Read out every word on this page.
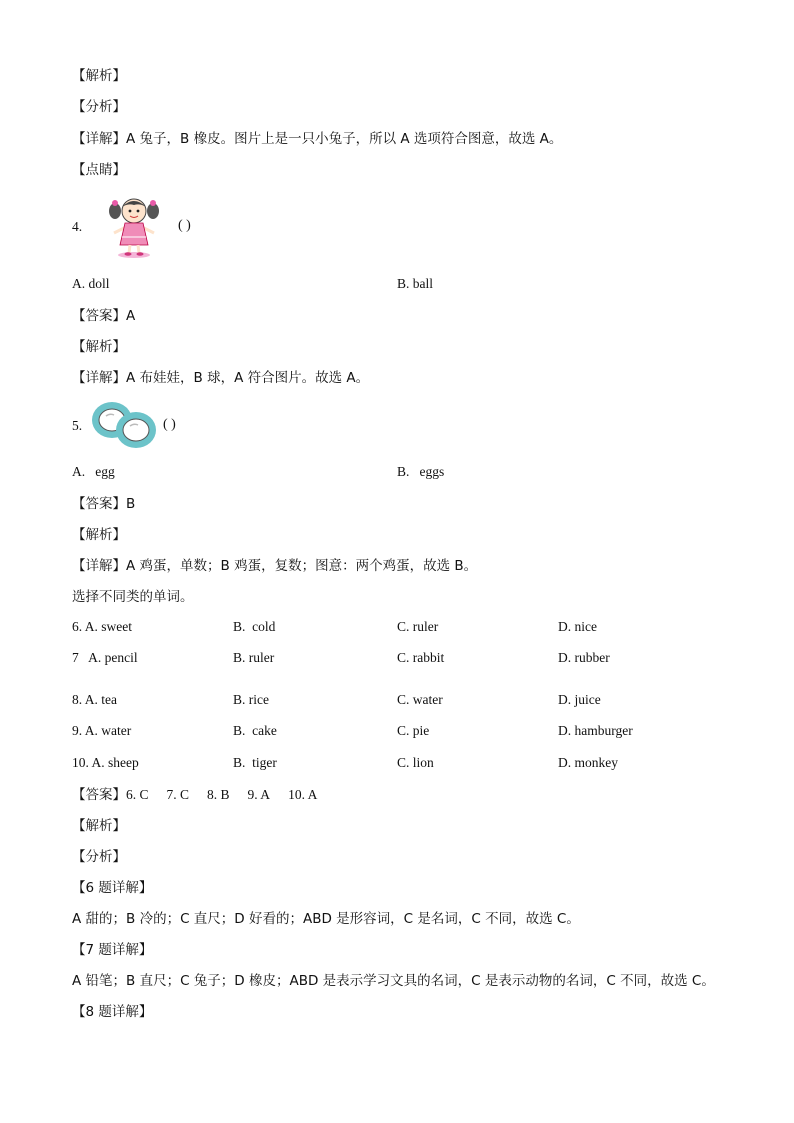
【解析】
【分析】
【详解】A 兔子，B 橡皮。图片上是一只小兔子，所以 A 选项符合图意，故选 A。
【点睛】
4.	( )
A. doll	B. ball
【答案】A
【解析】
【详解】A 布娃娃，B 球，A 符合图片。故选 A。
5.	( )
A.   egg	B.   eggs
【答案】B
【解析】
【详解】A 鸡蛋，单数；B 鸡蛋，复数；图意：两个鸡蛋，故选 B。
选择不同类的单词。
6. A. sweet	B.  cold	C. ruler	D. nice
7   A. pencil	B. ruler	C. rabbit	D. rubber
8. A. tea	B. rice	C. water	D. juice
9. A. water	B.  cake	C. pie	D. hamburger
10. A. sheep	B.  tiger	C. lion	D. monkey
【答案】6. C 7. C 8. B 9. A 10. A
【解析】
【分析】
【6 题详解】
A 甜的；B 冷的；C 直尺；D 好看的；ABD 是形容词，C 是名词，C 不同，故选 C。
【7 题详解】
A 铅笔；B 直尺；C 兔子；D 橡皮；ABD 是表示学习文具的名词，C 是表示动物的名词，C 不同，故选 C。
【8 题详解】
